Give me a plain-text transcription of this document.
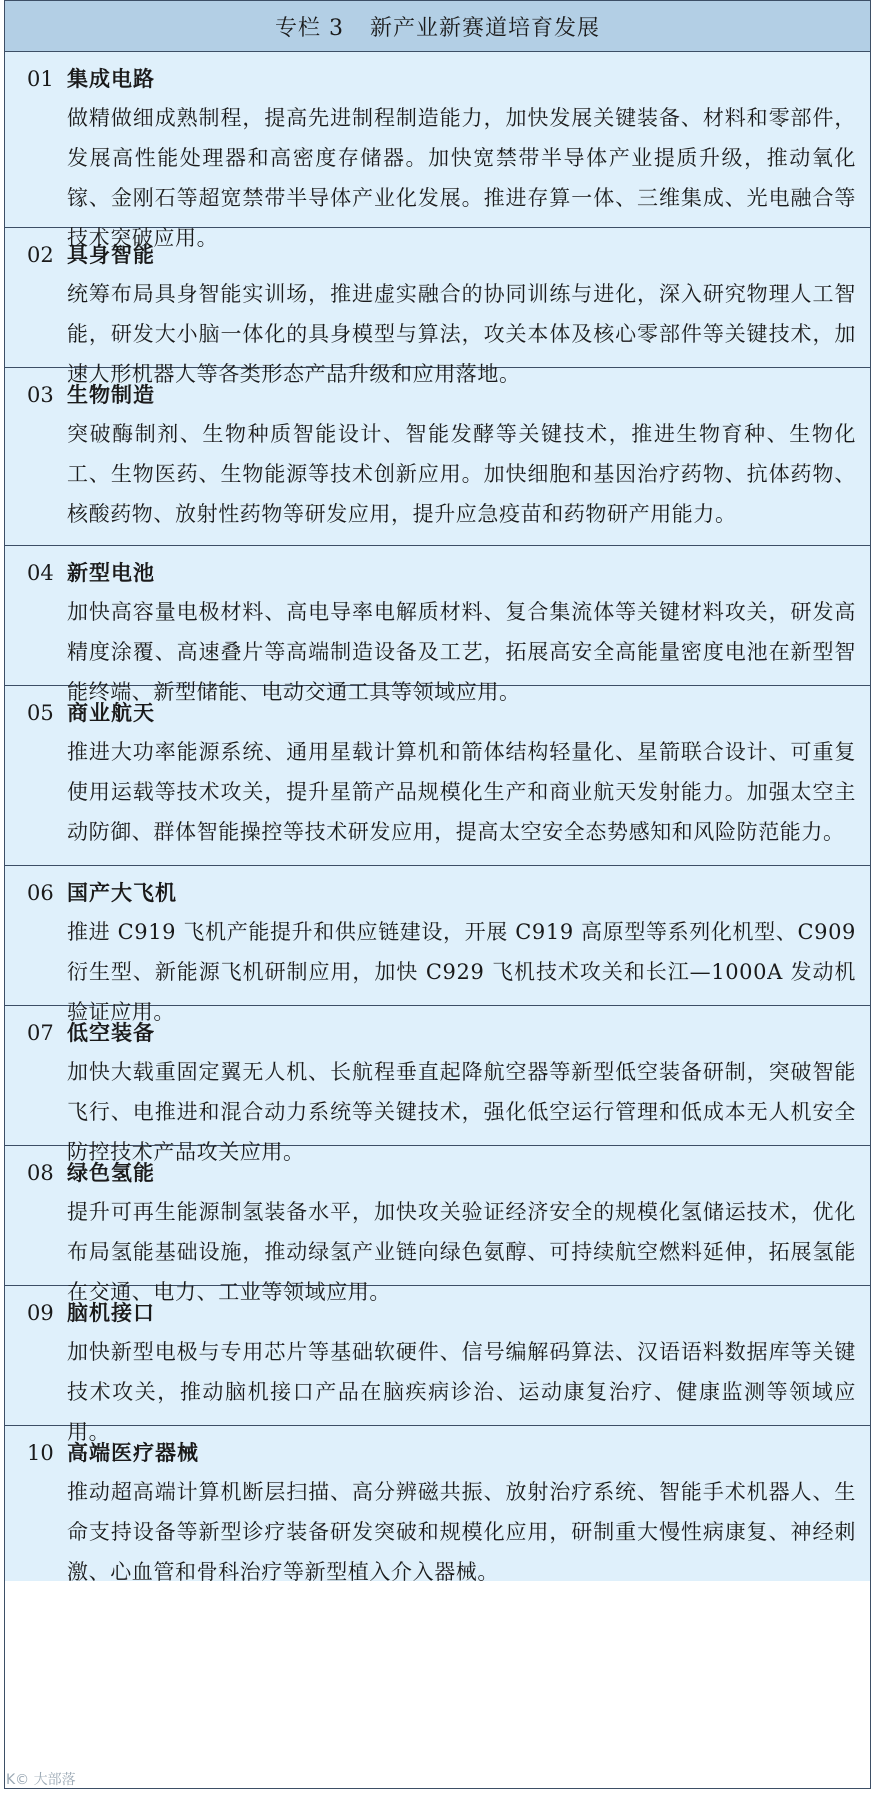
专栏 3 新产业新赛道培育发展
01 集成电路
做精做细成熟制程，提高先进制程制造能力，加快发展关键装备、材料和零部件，发展高性能处理器和高密度存储器。加快宽禁带半导体产业提质升级，推动氧化镓、金刚石等超宽禁带半导体产业化发展。推进存算一体、三维集成、光电融合等技术突破应用。
02 具身智能
统筹布局具身智能实训场，推进虚实融合的协同训练与进化，深入研究物理人工智能，研发大小脑一体化的具身模型与算法，攻关本体及核心零部件等关键技术，加速人形机器人等各类形态产品升级和应用落地。
03 生物制造
突破酶制剂、生物种质智能设计、智能发酵等关键技术，推进生物育种、生物化工、生物医药、生物能源等技术创新应用。加快细胞和基因治疗药物、抗体药物、核酸药物、放射性药物等研发应用，提升应急疫苗和药物研产用能力。
04 新型电池
加快高容量电极材料、高电导率电解质材料、复合集流体等关键材料攻关，研发高精度涂覆、高速叠片等高端制造设备及工艺，拓展高安全高能量密度电池在新型智能终端、新型储能、电动交通工具等领域应用。
05 商业航天
推进大功率能源系统、通用星载计算机和箭体结构轻量化、星箭联合设计、可重复使用运载等技术攻关，提升星箭产品规模化生产和商业航天发射能力。加强太空主动防御、群体智能操控等技术研发应用，提高太空安全态势感知和风险防范能力。
06 国产大飞机
推进 C919 飞机产能提升和供应链建设，开展 C919 高原型等系列化机型、C909 衍生型、新能源飞机研制应用，加快 C929 飞机技术攻关和长江—1000A 发动机验证应用。
07 低空装备
加快大载重固定翼无人机、长航程垂直起降航空器等新型低空装备研制，突破智能飞行、电推进和混合动力系统等关键技术，强化低空运行管理和低成本无人机安全防控技术产品攻关应用。
08 绿色氢能
提升可再生能源制氢装备水平，加快攻关验证经济安全的规模化氢储运技术，优化布局氢能基础设施，推动绿氢产业链向绿色氨醇、可持续航空燃料延伸，拓展氢能在交通、电力、工业等领域应用。
09 脑机接口
加快新型电极与专用芯片等基础软硬件、信号编解码算法、汉语语料数据库等关键技术攻关，推动脑机接口产品在脑疾病诊治、运动康复治疗、健康监测等领域应用。
10 高端医疗器械
推动超高端计算机断层扫描、高分辨磁共振、放射治疗系统、智能手术机器人、生命支持设备等新型诊疗装备研发突破和规模化应用，研制重大慢性病康复、神经刺激、心血管和骨科治疗等新型植入介入器械。
K© 大部落
